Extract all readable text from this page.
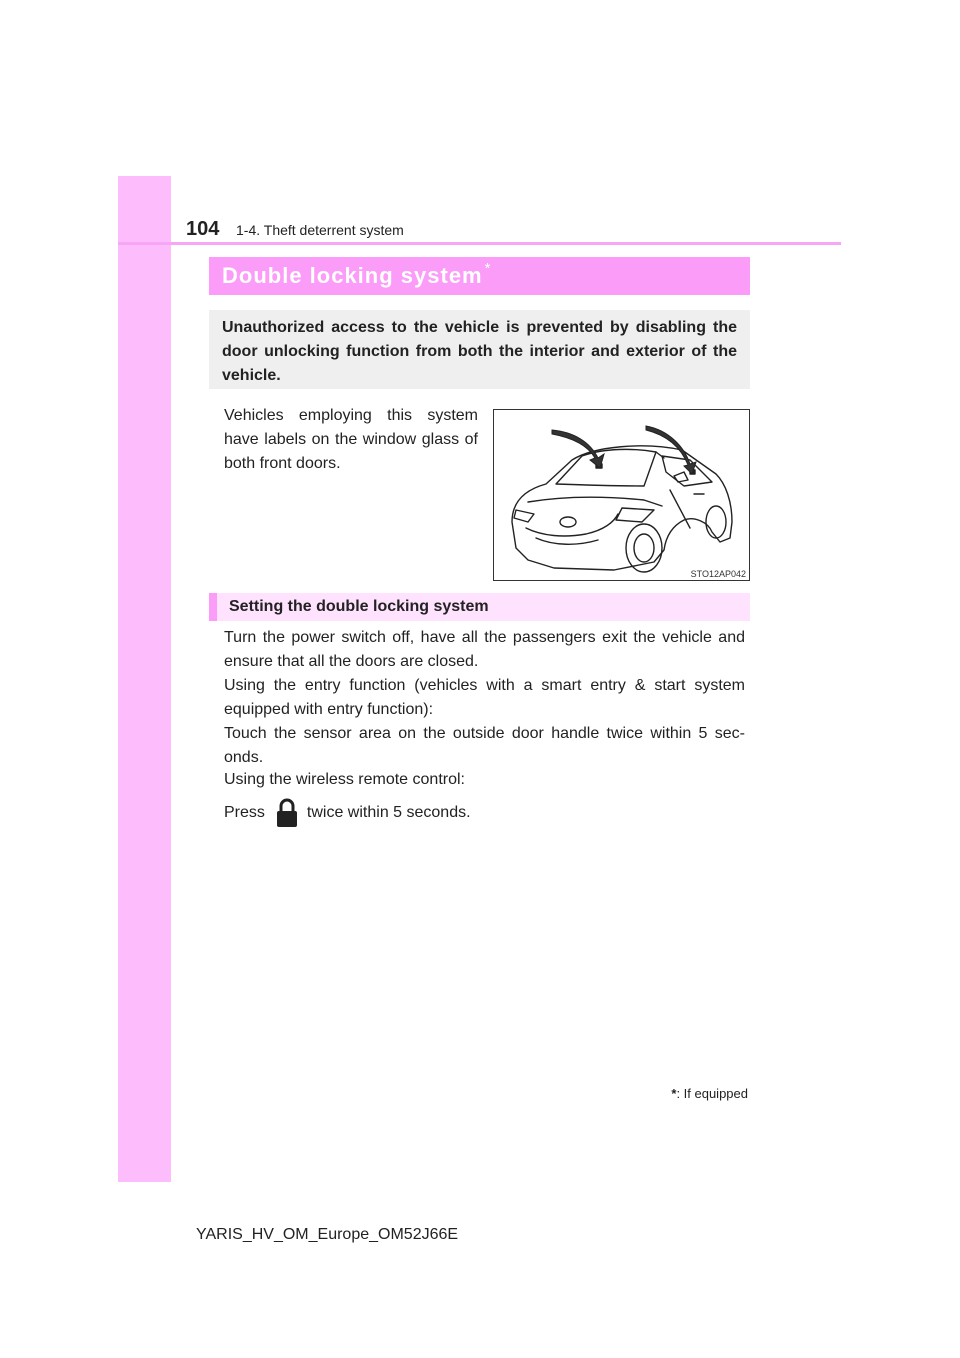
104 1-4. Theft deterrent system
Double locking system *
Unauthorized access to the vehicle is prevented by disabling the door unlocking function from both the interior and exterior of the vehicle.
Vehicles employing this system have labels on the window glass of both front doors.
STO12AP042
Setting the double locking system

Turn the power switch off, have all the passengers exit the vehicle and ensure that all the doors are closed.

Using the entry function (vehicles with a smart entry & start system equipped with entry function):

Touch the sensor area on the outside door handle twice within 5 sec-onds.

Using the wireless remote control:

Press	twice within 5 seconds.
*: If equipped
YARIS_HV_OM_Europe_OM52J66E
